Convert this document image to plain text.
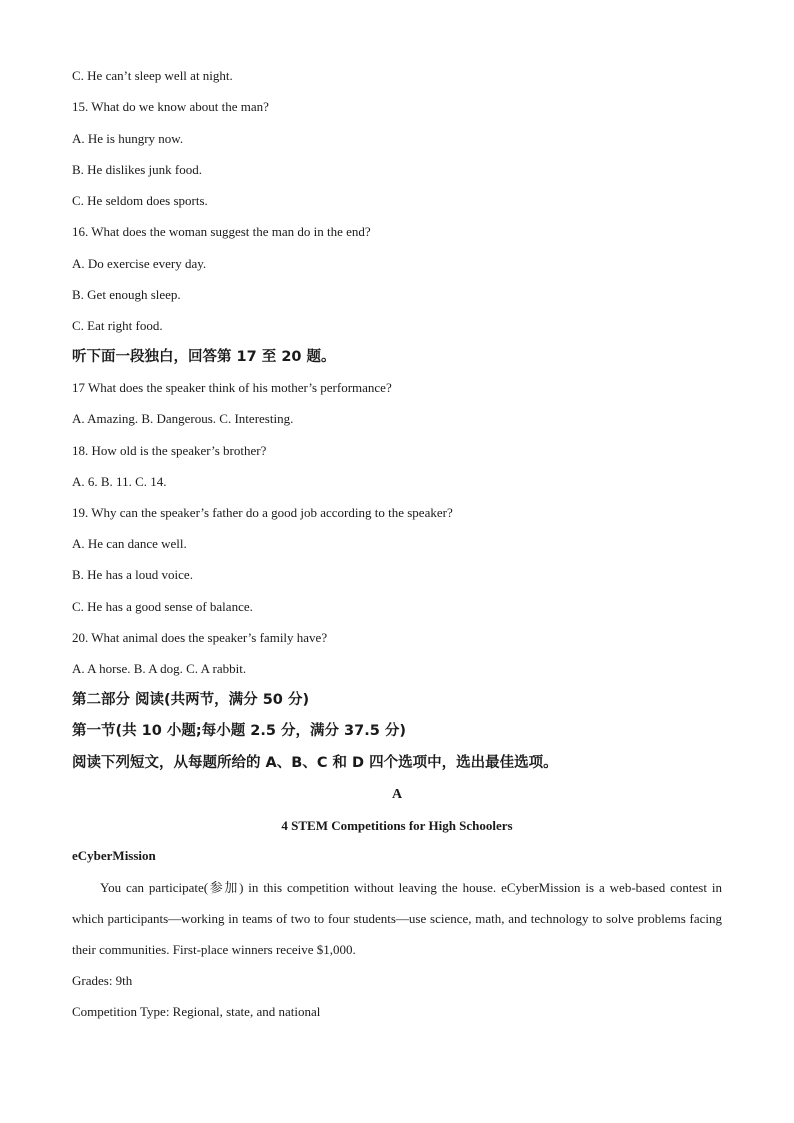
C. He can’t sleep well at night.
15. What do we know about the man?
A. He is hungry now.
B. He dislikes junk food.
C. He seldom does sports.
16. What does the woman suggest the man do in the end?
A. Do exercise every day.
B. Get enough sleep.
C. Eat right food.
听下面一段独白，回答第 17 至 20 题。
17 What does the speaker think of his mother’s performance?
A. Amazing. B. Dangerous. C. Interesting.
18. How old is the speaker’s brother?
A. 6. B. 11. C. 14.
19. Why can the speaker’s father do a good job according to the speaker?
A. He can dance well.
B. He has a loud voice.
C. He has a good sense of balance.
20. What animal does the speaker’s family have?
A. A horse. B. A dog. C. A rabbit.
第二部分 阅读(共两节，满分 50 分)
第一节(共 10 小题;每小题 2.5 分，满分 37.5 分)
阅读下列短文，从每题所给的 A、B、C 和 D 四个选项中，选出最佳选项。
A
4 STEM Competitions for High Schoolers
eCyberMission
You can participate(参加) in this competition without leaving the house. eCyberMission is a web-based contest in which participants—working in teams of two to four students—use science, math, and technology to solve problems facing their communities. First-place winners receive $1,000.
Grades: 9th
Competition Type: Regional, state, and national
